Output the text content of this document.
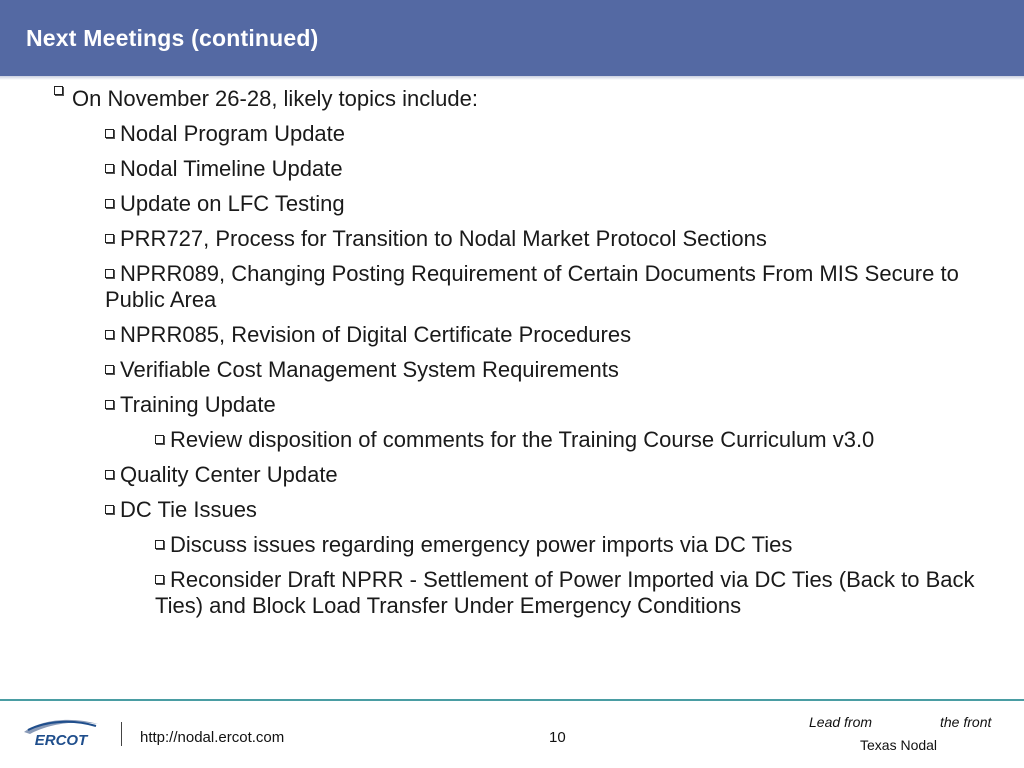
Next Meetings (continued)
On November 26-28, likely topics include:
Nodal Program Update
Nodal Timeline Update
Update on LFC Testing
PRR727, Process for Transition to Nodal Market Protocol Sections
NPRR089, Changing Posting Requirement of Certain Documents From MIS Secure to Public Area
NPRR085, Revision of Digital Certificate Procedures
Verifiable Cost Management System Requirements
Training Update
Review disposition of comments for the Training Course Curriculum v3.0
Quality Center Update
DC Tie Issues
Discuss issues regarding emergency power imports via DC Ties
Reconsider Draft NPRR - Settlement of Power Imported via DC Ties (Back to Back Ties) and Block Load Transfer Under Emergency Conditions
ERCOT	http://nodal.ercot.com	10
Lead from	the front
Texas Nodal
